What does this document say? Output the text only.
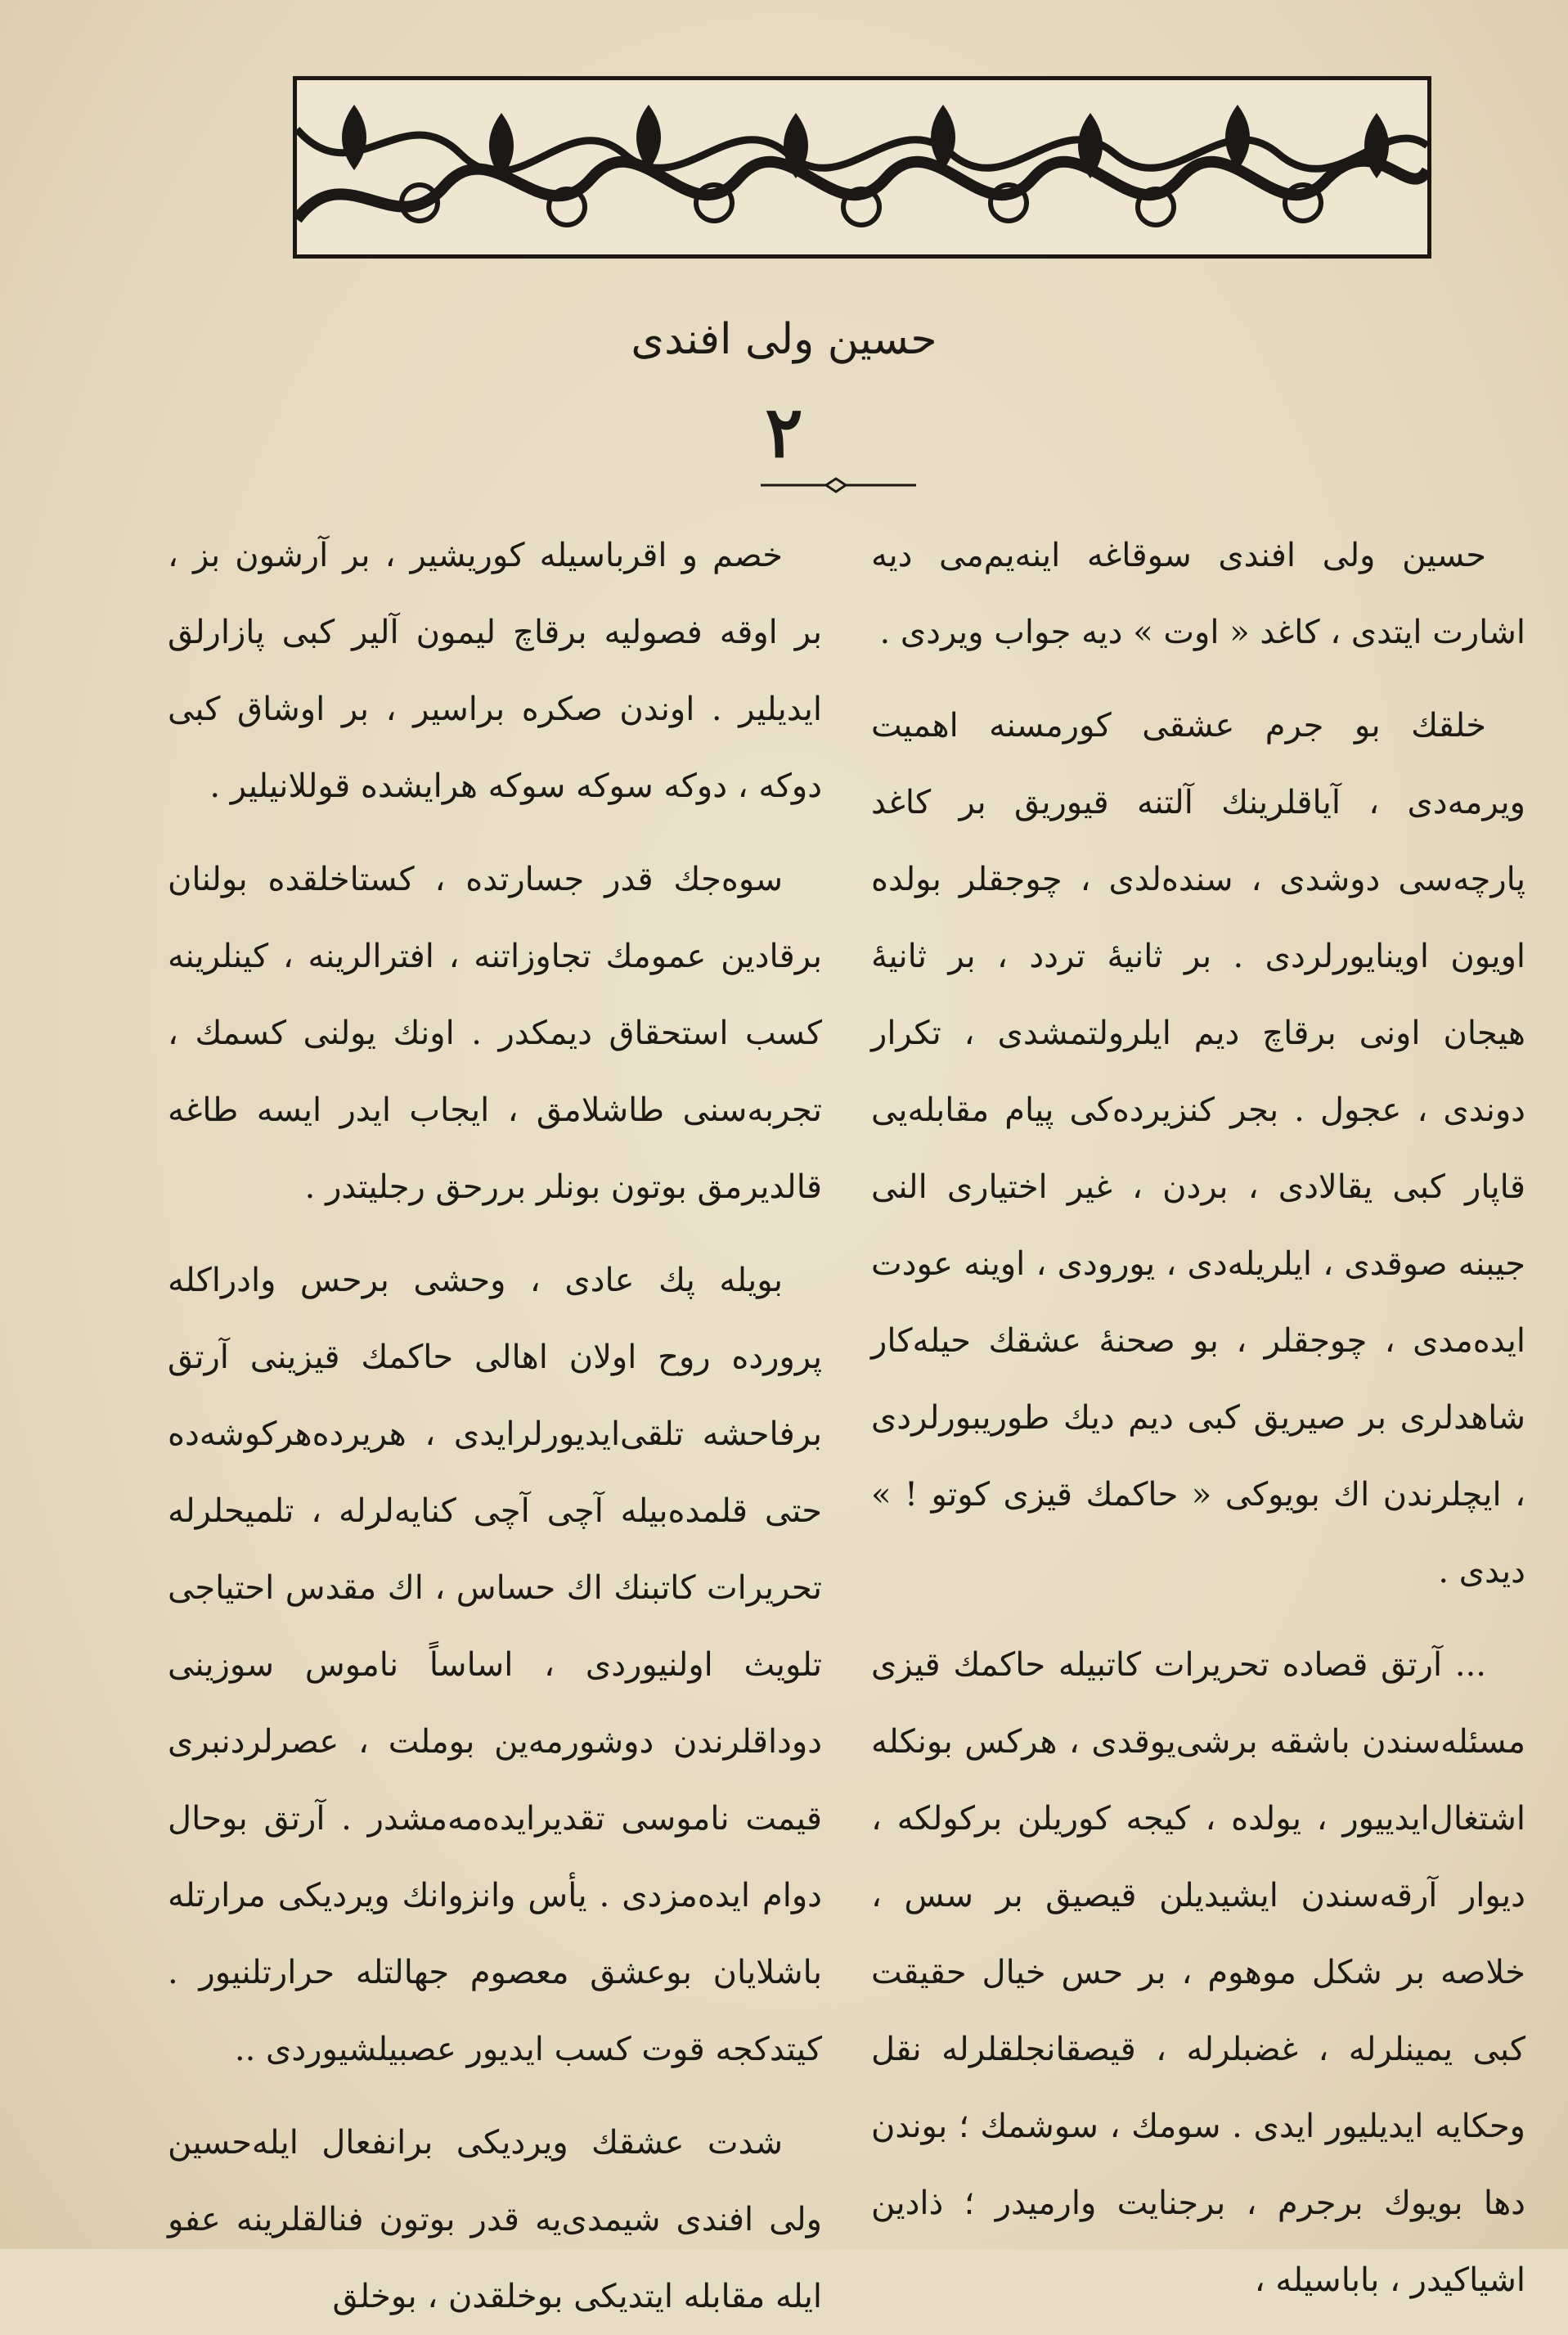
حسین ولی افندی
٢

حسین ولی افندی سوقاغه اینه‌یم‌می دیه اشارت ایتدی ، کاغد « اوت » دیه جواب ویردی .

خلقك بو جرم عشقی کورمسنه اهمیت ویرمه‌دی ، آیاقلرینك آلتنه قیوریق بر کاغد پارچه‌سی دوشدی ، سنده‌لدی ، چوجقلر بولده اویون اوینایورلردی . بر ثانیهٔ تردد ، بر ثانیهٔ هیجان اونی برقاچ دیم ایلرولتمشدی ، تکرار دوندی ، عجول . بجر کنزیرده‌کی پیام مقابله‌یی قاپار کبی یقالادی ، بردن ، غیر اختیاری النی جیبنه صوقدی ، ایلریله‌دی ، یورودی ، اوینه عودت ایده‌مدی ، چوجقلر ، بو صحنهٔ عشقك حیله‌کار شاهدلری بر صیریق کبی دیم دیك طوریبورلردی ، ایچلرندن اك بویوکی « حاکمك قیزی کوتو ! » دیدی .

... آرتق قصاده تحریرات کاتبیله حاکمك قیزی مسئله‌سندن باشقه برشی‌یوقدی ، هرکس بونکله اشتغال‌ایدییور ، یولده ، کیجه کوریلن برکولکه ، دیوار آرقه‌سندن ایشیدیلن قیصیق بر سس ، خلاصه بر شکل موهوم ، بر حس خیال حقیقت کبی یمینلرله ، غضبلرله ، قیصقانجلقلرله نقل وحکایه ایدیلیور ایدی . سومك ، سوشمك ؛ بوندن دها بویوك برجرم ، برجنایت وارمیدر ؛ ذادین اشیاکیدر ، باباسیله ،

خصم و اقرباسیله کوریشیر ، بر آرشون بز ، بر اوقه فصولیه برقاچ لیمون آلیر کبی پازارلق ایدیلیر . اوندن صکره براسیر ، بر اوشاق کبی دوکه ، دوکه سوکه سوکه هرایشده قوللانیلیر .

سوه‌جك قدر جسارتده ، کستاخلقده بولنان برقادین عمومك تجاوزاتنه ، افترالرینه ، کینلرینه کسب استحقاق دیمکدر . اونك یولنی کسمك ، تجربه‌سنی طاشلامق ، ایجاب ایدر ایسه طاغه قالدیرمق بوتون بونلر بررحق رجلیتدر .

بویله پك عادی ، وحشی برحس وادراکله پرورده روح اولان اهالی حاکمك قیزینی آرتق برفاحشه تلقی‌ایدیورلرایدی ، هریرده‌هرکوشه‌ده حتی قلمده‌بیله آچی آچی کنایه‌لرله ، تلمیحلرله تحریرات کاتبنك اك حساس ، اك مقدس احتیاجی تلویث اولنیوردی ، اساساً ناموس سوزینی دوداقلرندن دوشورمه‌ین بوملت ، عصرلردنبری قیمت ناموسی تقدیرایده‌مه‌مشدر . آرتق بوحال دوام ایده‌مزدی . یأس وانزوانك ویردیکی مرارتله باشلایان بوعشق معصوم جهالتله حرارتلنیور . کیتدکجه قوت کسب ایدیور عصبیلشیوردی ..

شدت عشقك ویردیکی برانفعال ایله‌حسین ولی افندی شیمدی‌یه قدر بوتون فنالقلرینه عفو ایله مقابله ایتدیکی بوخلقدن ، بوخلق
